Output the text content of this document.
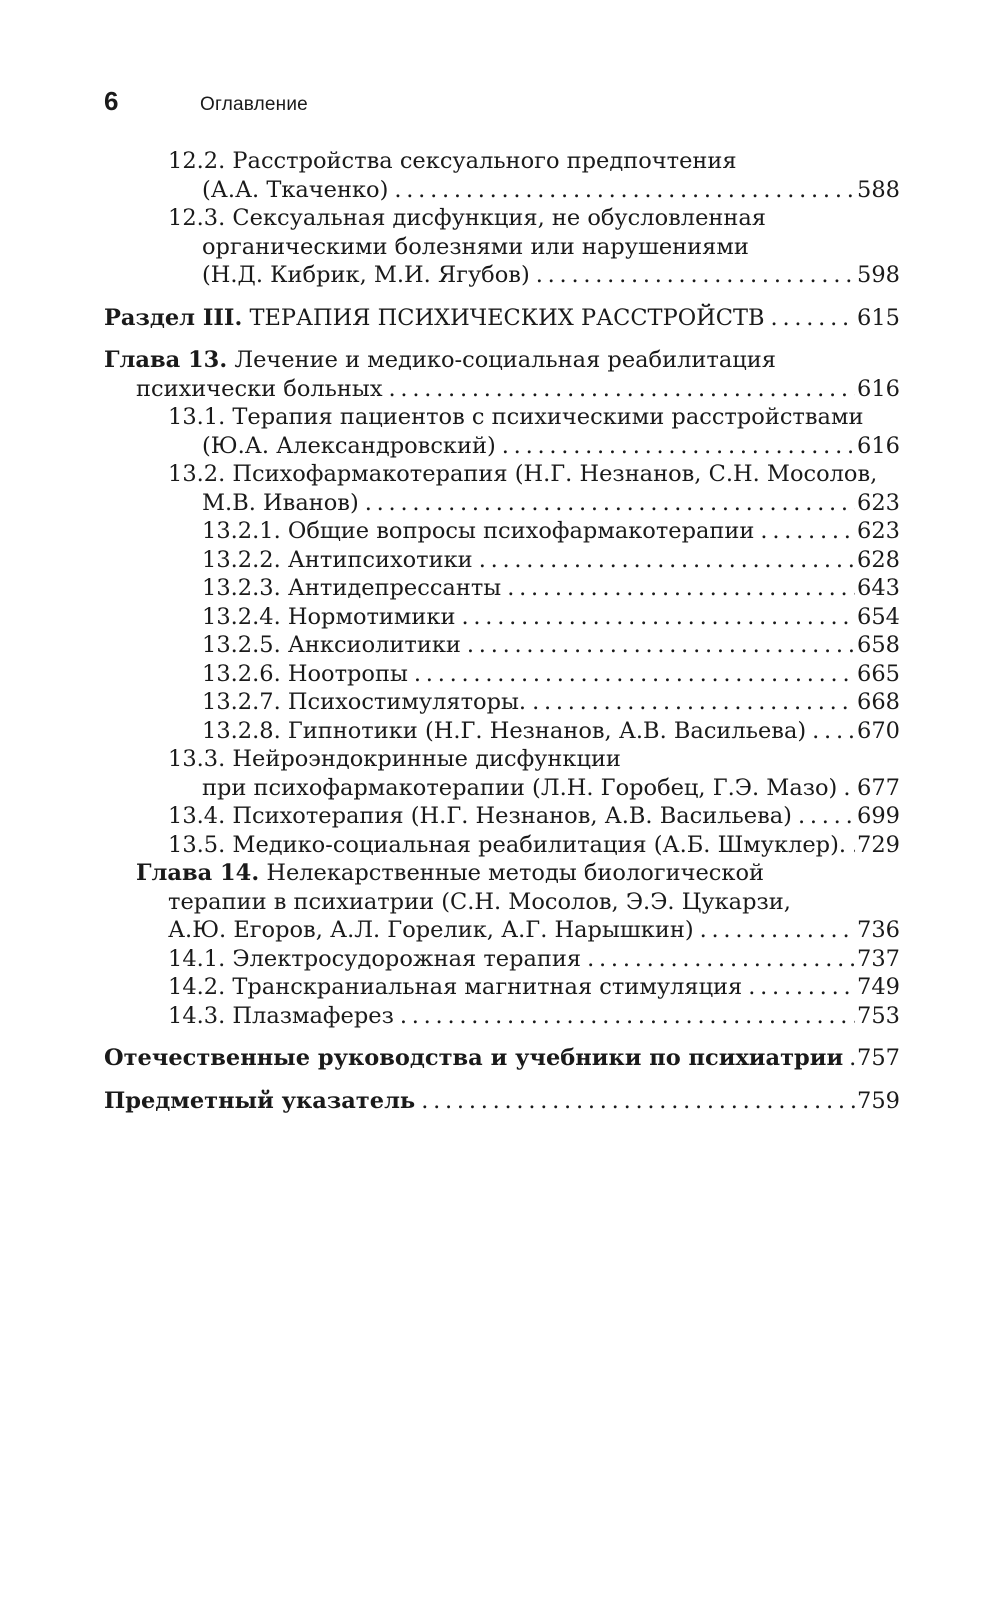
6	Оглавление
12.2. Расстройства сексуального предпочтения
(А.А. Ткаченко) . . .	588
12.3. Сексуальная дисфункция, не обусловленная
органическими болезнями или нарушениями
(Н.Д. Кибрик, М.И. Ягубов) . . .	598
Раздел III. ТЕРАПИЯ ПСИХИЧЕСКИХ РАССТРОЙСТВ . . .	615
Глава 13. Лечение и медико-социальная реабилитация
психически больных . . .	616
13.1. Терапия пациентов с психическими расстройствами
(Ю.А. Александровский) . . .	616
13.2. Психофармакотерапия (Н.Г. Незнанов, С.Н. Мосолов,
М.В. Иванов) . . .	623
13.2.1. Общие вопросы психофармакотерапии . . .	623
13.2.2. Антипсихотики . . .	628
13.2.3. Антидепрессанты . . .	643
13.2.4. Нормотимики . . .	654
13.2.5. Анксиолитики . . .	658
13.2.6. Ноотропы . . .	665
13.2.7. Психостимуляторы. . . .	668
13.2.8. Гипнотики (Н.Г. Незнанов, А.В. Васильева) . . . 670
13.3. Нейроэндокринные дисфункции
при психофармакотерапии (Л.Н. Горобец, Г.Э. Мазо) . . . 677
13.4. Психотерапия (Н.Г. Незнанов, А.В. Васильева) . . .	699
13.5. Медико-социальная реабилитация (А.Б. Шмуклер). . . . 729
Глава 14. Нелекарственные методы биологической
терапии в психиатрии (С.Н. Мосолов, Э.Э. Цукарзи,
А.Ю. Егоров, А.Л. Горелик, А.Г. Нарышкин) . . .	736
14.1. Электросудорожная терапия . . .	737
14.2. Транскраниальная магнитная стимуляция . . .	749
14.3. Плазмаферез . . .	753
Отечественные руководства и учебники по психиатрии . . . 757
Предметный указатель . . .	759
